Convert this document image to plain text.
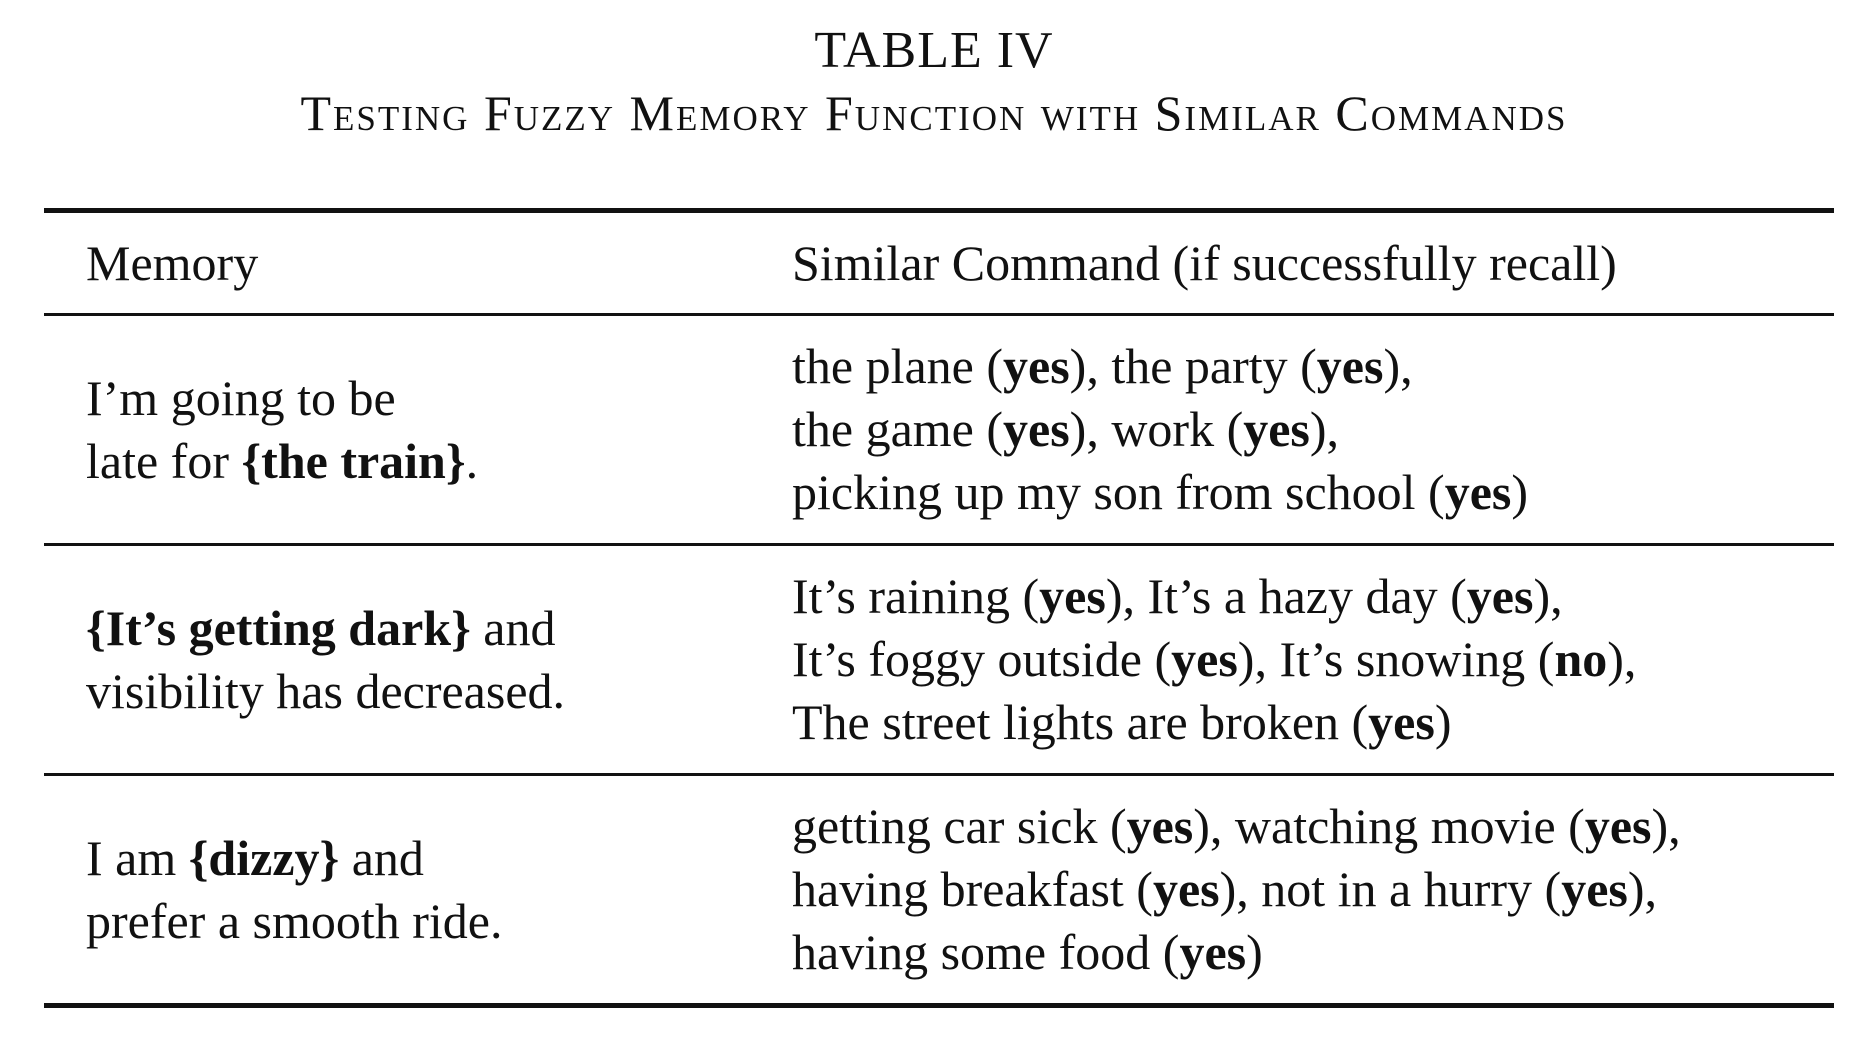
TABLE IV
Testing Fuzzy Memory Function with Similar Commands
Memory	Similar Command (if successfully recall)

I’m going to be
late for {the train}.	the plane (yes), the party (yes),
the game (yes), work (yes),
picking up my son from school (yes)

{It’s getting dark} and
visibility has decreased.	It’s raining (yes), It’s a hazy day (yes),
It’s foggy outside (yes), It’s snowing (no),
The street lights are broken (yes)

I am {dizzy} and
prefer a smooth ride.	getting car sick (yes), watching movie (yes),
having breakfast (yes), not in a hurry (yes),
having some food (yes)
